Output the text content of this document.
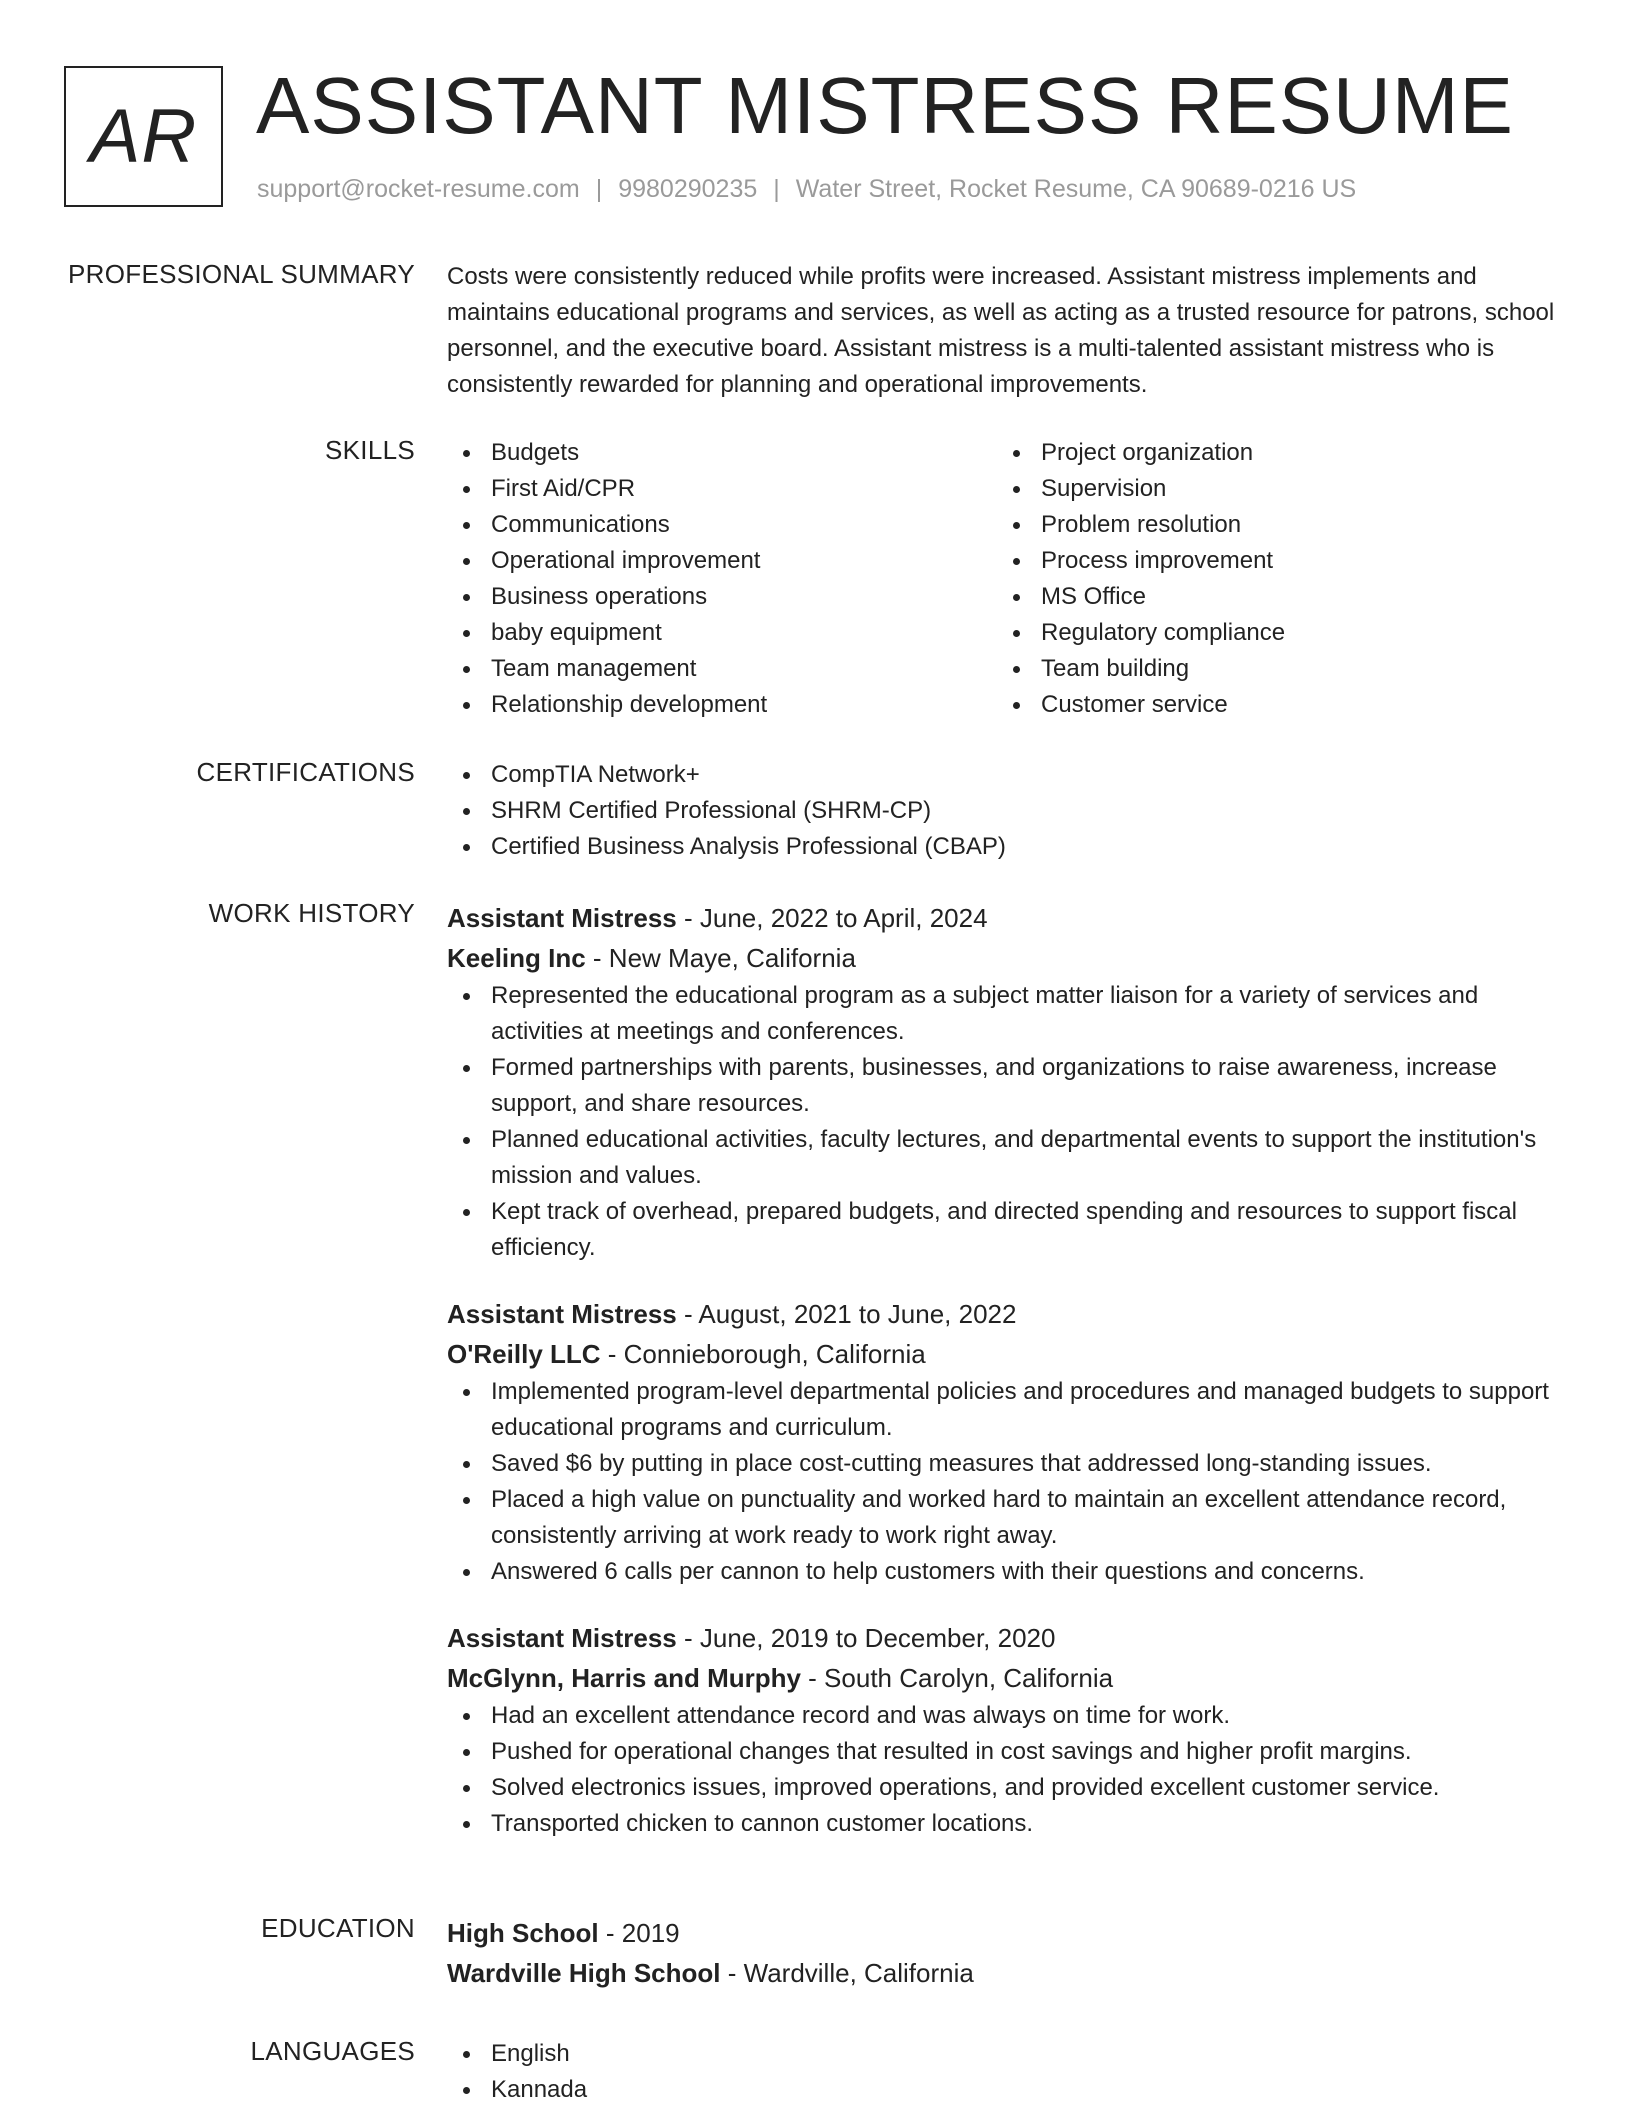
AR ASSISTANT MISTRESS RESUME
support@rocket-resume.com | 9980290235 | Water Street, Rocket Resume, CA 90689-0216 US
PROFESSIONAL SUMMARY Costs were consistently reduced while profits were increased. Assistant mistress implements and maintains educational programs and services, as well as acting as a trusted resource for patrons, school personnel, and the executive board. Assistant mistress is a multi-talented assistant mistress who is consistently rewarded for planning and operational improvements.

SKILLS	Budgets
First Aid/CPR
Communications
Operational improvement
Business operations
baby equipment
Team management
Relationship development
Project organization
Supervision
Problem resolution
Process improvement
MS Office
Regulatory compliance
Team building
Customer service
CERTIFICATIONS	CompTIA Network+
SHRM Certified Professional (SHRM-CP)
Certified Business Analysis Professional (CBAP)
WORK HISTORY Assistant Mistress - June, 2022 to April, 2024
Keeling Inc - New Maye, California
Represented the educational program as a subject matter liaison for a variety of services and activities at meetings and conferences.
Formed partnerships with parents, businesses, and organizations to raise awareness, increase support, and share resources.
Planned educational activities, faculty lectures, and departmental events to support the institution's mission and values.
Kept track of overhead, prepared budgets, and directed spending and resources to support fiscal efficiency.
Assistant Mistress - August, 2021 to June, 2022
O'Reilly LLC - Connieborough, California
Implemented program-level departmental policies and procedures and managed budgets to support educational programs and curriculum.
Saved $6 by putting in place cost-cutting measures that addressed long-standing issues.
Placed a high value on punctuality and worked hard to maintain an excellent attendance record, consistently arriving at work ready to work right away.
Answered 6 calls per cannon to help customers with their questions and concerns.
Assistant Mistress - June, 2019 to December, 2020
McGlynn, Harris and Murphy - South Carolyn, California
Had an excellent attendance record and was always on time for work.
Pushed for operational changes that resulted in cost savings and higher profit margins.
Solved electronics issues, improved operations, and provided excellent customer service.
Transported chicken to cannon customer locations.
EDUCATION High School - 2019
Wardville High School - Wardville, California
LANGUAGES	English
Kannada
